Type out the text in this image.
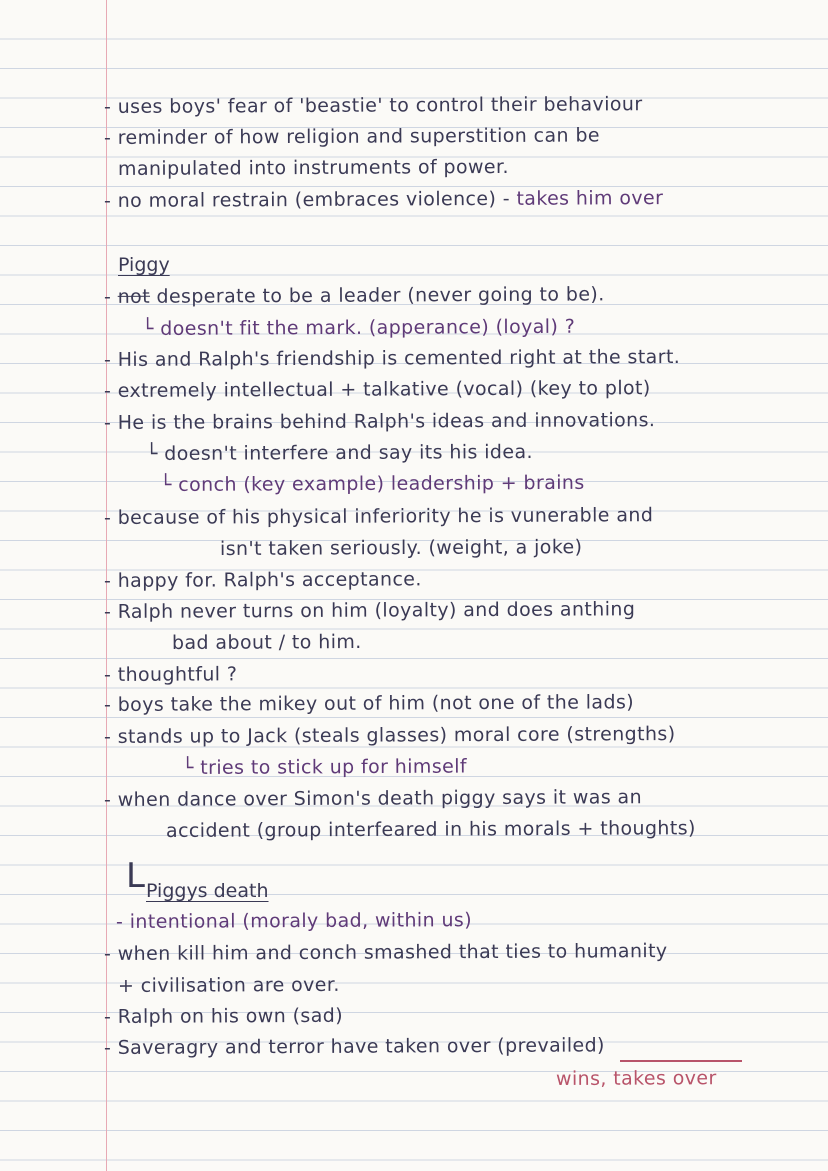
- uses boys' fear of 'beastie' to control their behaviour
- reminder of how religion and superstition can be
manipulated into instruments of power.
- no moral restrain (embraces violence) - takes him over
Piggy
- not desperate to be a leader (never going to be).
└ doesn't fit the mark. (apperance) (loyal) ?
- His and Ralph's friendship is cemented right at the start.
- extremely intellectual + talkative (vocal) (key to plot)
- He is the brains behind Ralph's ideas and innovations.
└ doesn't interfere and say its his idea.
└ conch (key example) leadership + brains
- because of his physical inferiority he is vunerable and
isn't taken seriously. (weight, a joke)
- happy for. Ralph's acceptance.
- Ralph never turns on him (loyalty) and does anthing
bad about / to him.
- thoughtful ?
- boys take the mikey out of him (not one of the lads)
- stands up to Jack (steals glasses) moral core (strengths)
└ tries to stick up for himself
- when dance over Simon's death piggy says it was an
accident (group interfeared in his morals + thoughts)
L Piggys death
- intentional (moraly bad, within us)
- when kill him and conch smashed that ties to humanity
+ civilisation are over.
- Ralph on his own (sad)
- Saveragry and terror have taken over (prevailed)
wins, takes over
